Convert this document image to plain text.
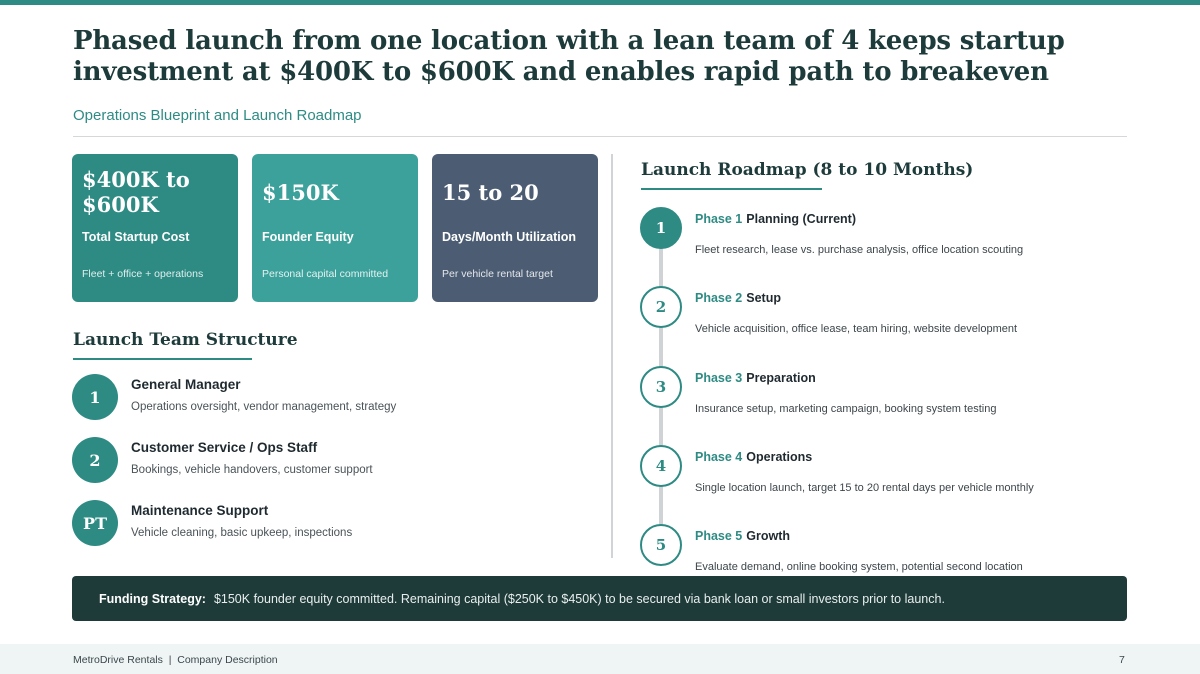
Phased launch from one location with a lean team of 4 keeps startup investment at $400K to $600K and enables rapid path to breakeven
Operations Blueprint and Launch Roadmap
$400K to $600K
Total Startup Cost
Fleet + office + operations
$150K
Founder Equity
Personal capital committed
15 to 20
Days/Month Utilization
Per vehicle rental target
Launch Team Structure
1
General Manager
Operations oversight, vendor management, strategy
2
Customer Service / Ops Staff
Bookings, vehicle handovers, customer support
PT
Maintenance Support
Vehicle cleaning, basic upkeep, inspections
Launch Roadmap (8 to 10 Months)
1	Phase 1 Planning (Current)
Fleet research, lease vs. purchase analysis, office location scouting
2	Phase 2 Setup
Vehicle acquisition, office lease, team hiring, website development
3	Phase 3 Preparation
Insurance setup, marketing campaign, booking system testing
4	Phase 4 Operations
Single location launch, target 15 to 20 rental days per vehicle monthly
5	Phase 5 Growth
Evaluate demand, online booking system, potential second location
Funding Strategy: $150K founder equity committed. Remaining capital ($250K to $450K) to be secured via bank loan or small investors prior to launch.
MetroDrive Rentals  |  Company Description	7
